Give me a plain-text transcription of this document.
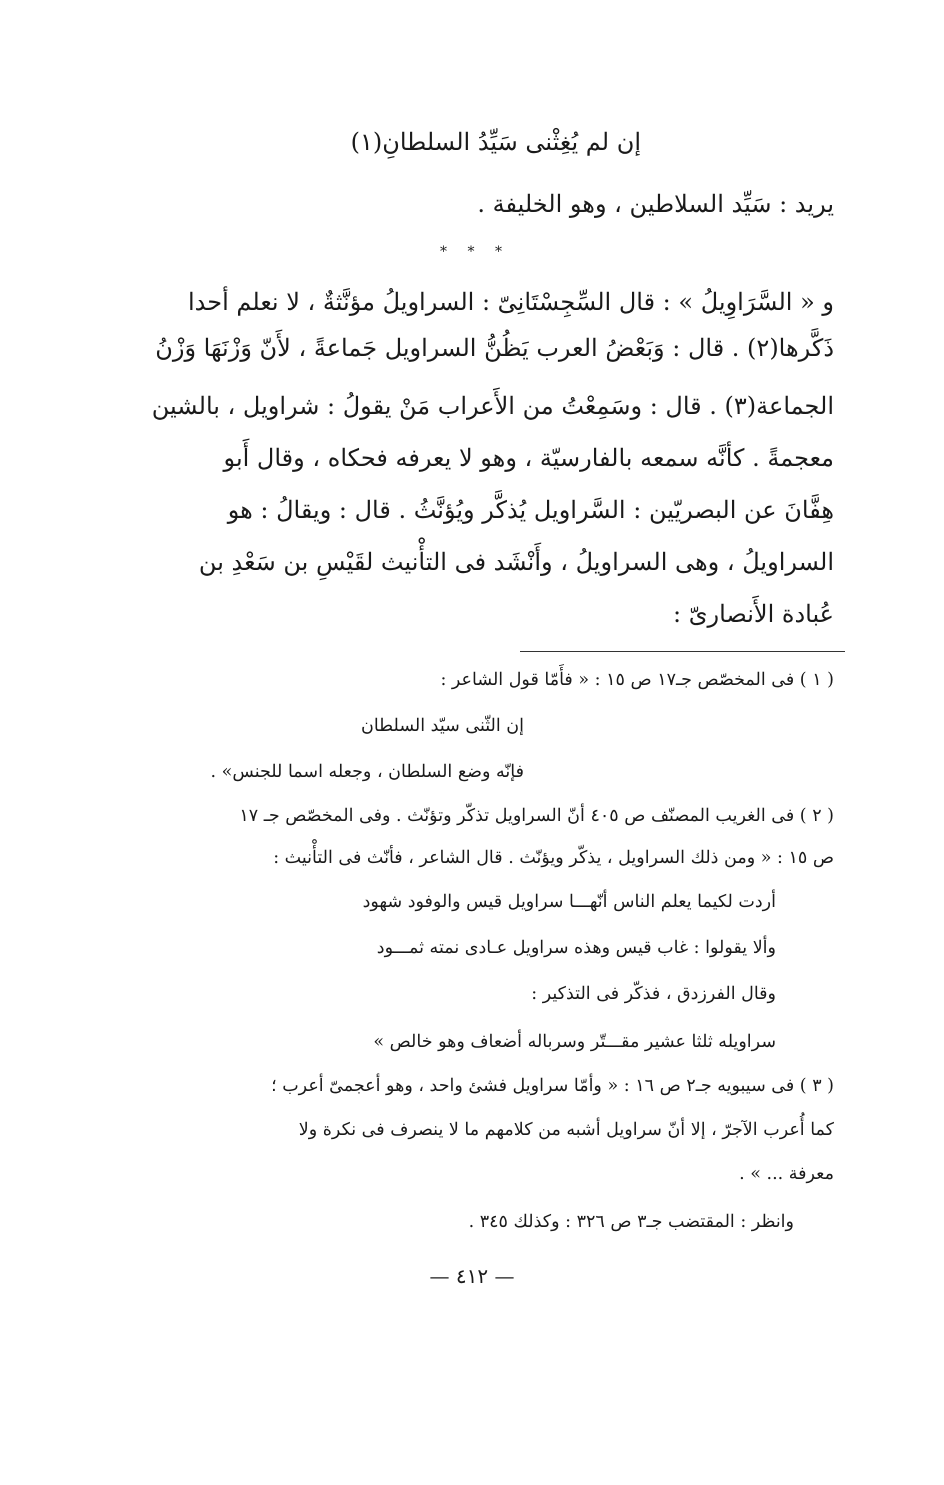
إن لم يُغِثْنى سَيِّدُ السلطانِ(١)
يريد : سَيِّد السلاطين ، وهو الخليفة .
* * *
و « السَّرَاوِيلُ » : قال السِّجِسْتَانِىّ : السراويلُ مؤنَّثةٌ ، لا نعلم أحدا
ذَكَّرها(٢) . قال : وَبَعْضُ العرب يَظُنُّ السراويل جَماعةً ، لأَنّ وَزْنَهَا وَزْنُ
الجماعة(٣) . قال : وسَمِعْتُ من الأَعراب مَنْ يقولُ : شراويل ، بالشين
معجمةً . كأنَّه سمعه بالفارسيّة ، وهو لا يعرفه فحكاه ، وقال أَبو
هِفَّانَ عن البصريّين : السَّراويل يُذكَّر ويُؤنَّثُ . قال : ويقالُ : هو
السراويلُ ، وهى السراويلُ ، وأَنْشَد فى التأْنيث لقَيْسِ بن سَعْدِ بن
عُبادة الأَنصارىّ :
( ١ ) فى المخصّص جـ١٧ ص ١٥ : « فأَمّا قول الشاعر :
إن الثّنى سيّد السلطان
فإنّه وضع السلطان ، وجعله اسما للجنس» .
( ٢ ) فى الغريب المصنّف ص ٤٠٥ أنّ السراويل تذكّر وتؤنّث . وفى المخصّص جـ ١٧
ص ١٥ : « ومن ذلك السراويل ، يذكّر ويؤنّث . قال الشاعر ، فأنّث فى التأْنيث :
أردت لكيما يعلم الناس أنّهـــا سراويل قيس والوفود شهود
وألا يقولوا : غاب قيس وهذه سراويل عـادى نمته ثمـــود
وقال الفرزدق ، فذكّر فى التذكير :
سراويله ثلثا عشير مقـــتّر وسرباله أضعاف وهو خالص »
( ٣ ) فى سيبويه جـ٢ ص ١٦ : « وأمّا سراويل فشئ واحد ، وهو أعجمىّ أعرب ؛
كما أُعرب الآجرّ ، إلا أنّ سراويل أشبه من كلامهم ما لا ينصرف فى نكرة ولا
معرفة ... » .
وانظر : المقتضب جـ٣ ص ٣٢٦ : وكذلك ٣٤٥ .
— ٤١٢ —
